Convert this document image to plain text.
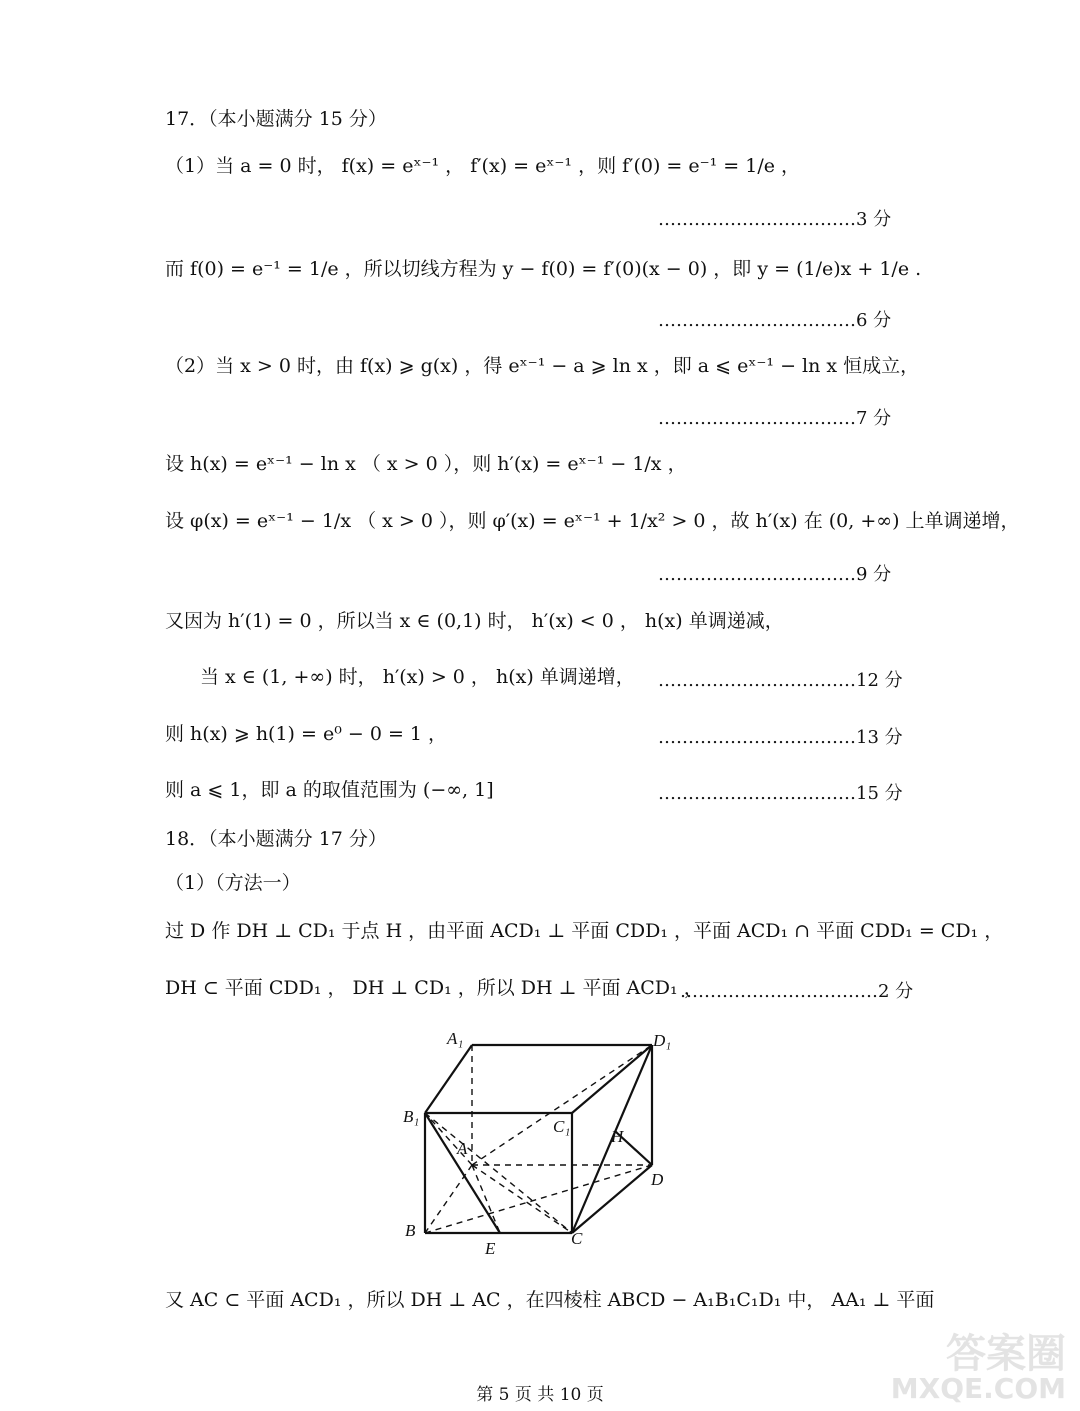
17．（本小题满分 15 分）
（1）当 a = 0 时， f(x) = eˣ⁻¹ ， f′(x) = eˣ⁻¹ ，则 f′(0) = e⁻¹ = 1/e ，
……………………………3 分
而 f(0) = e⁻¹ = 1/e ，所以切线方程为 y − f(0) = f′(0)(x − 0) ，即 y = (1/e)x + 1/e .
……………………………6 分
（2）当 x > 0 时，由 f(x) ⩾ g(x) ，得 eˣ⁻¹ − a ⩾ ln x ，即 a ⩽ eˣ⁻¹ − ln x 恒成立，
……………………………7 分
设 h(x) = eˣ⁻¹ − ln x （ x > 0 ），则 h′(x) = eˣ⁻¹ − 1/x ，
设 φ(x) = eˣ⁻¹ − 1/x （ x > 0 ），则 φ′(x) = eˣ⁻¹ + 1/x² > 0 ，故 h′(x) 在 (0, +∞) 上单调递增，
……………………………9 分
又因为 h′(1) = 0 ，所以当 x ∈ (0,1) 时， h′(x) < 0 ， h(x) 单调递减，
当 x ∈ (1, +∞) 时， h′(x) > 0 ， h(x) 单调递增， ……………………………12 分
则 h(x) ⩾ h(1) = e⁰ − 0 = 1 ，	……………………………13 分
则 a ⩽ 1，即 a 的取值范围为 (−∞, 1]	……………………………15 分
18．（本小题满分 17 分）
（1）（方法一）
过 D 作 DH ⊥ CD₁ 于点 H ，由平面 ACD₁ ⊥ 平面 CDD₁ ，平面 ACD₁ ∩ 平面 CDD₁ = CD₁ ，
DH ⊂ 平面 CDD₁ ， DH ⊥ CD₁ ，所以 DH ⊥ 平面 ACD₁ ，
……………………………2 分
A₁	D₁
B₁
C₁
A
H
D
B
E
C
又 AC ⊂ 平面 ACD₁ ，所以 DH ⊥ AC ，在四棱柱 ABCD − A₁B₁C₁D₁ 中， AA₁ ⊥ 平面
第 5 页 共 10 页
答案圈
MXQE.COM
